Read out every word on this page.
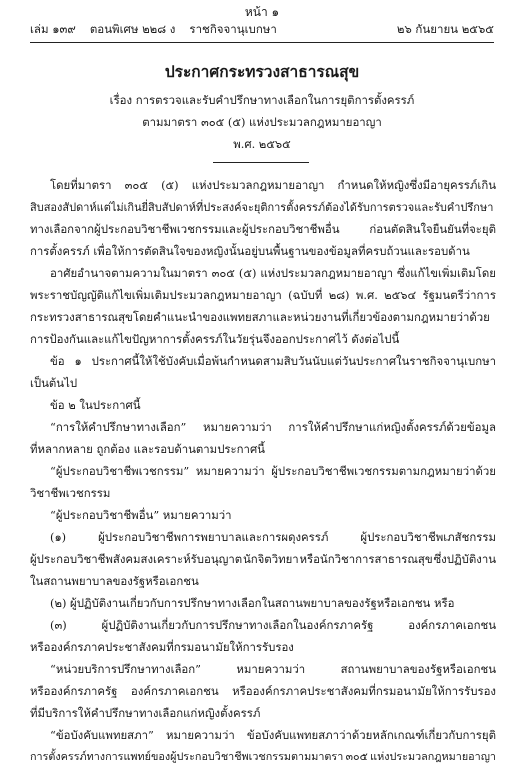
หน้า ๑
เล่ม ๑๓๙ ตอนพิเศษ ๒๒๘ ง ราชกิจจานุเบกษา	๒๖ กันยายน ๒๕๖๕
ประกาศกระทรวงสาธารณสุข
เรื่อง การตรวจและรับคำปรึกษาทางเลือกในการยุติการตั้งครรภ์
ตามมาตรา ๓๐๕ (๕) แห่งประมวลกฎหมายอาญา
พ.ศ. ๒๕๖๕
โดยที่มาตรา ๓๐๕ (๕) แห่งประมวลกฎหมายอาญา กำหนดให้หญิงซึ่งมีอายุครรภ์เกิน
สิบสองสัปดาห์แต่ไม่เกินยี่สิบสัปดาห์ที่ประสงค์จะยุติการตั้งครรภ์ต้องได้รับการตรวจและรับคำปรึกษา
ทางเลือกจากผู้ประกอบวิชาชีพเวชกรรมและผู้ประกอบวิชาชีพอื่น	ก่อนตัดสินใจยืนยันที่จะยุติ
การตั้งครรภ์ เพื่อให้การตัดสินใจของหญิงนั้นอยู่บนพื้นฐานของข้อมูลที่ครบถ้วนและรอบด้าน
อาศัยอำนาจตามความในมาตรา ๓๐๕ (๕) แห่งประมวลกฎหมายอาญา ซึ่งแก้ไขเพิ่มเติมโดย
พระราชบัญญัติแก้ไขเพิ่มเติมประมวลกฎหมายอาญา (ฉบับที่ ๒๘) พ.ศ. ๒๕๖๔ รัฐมนตรีว่าการ
กระทรวงสาธารณสุขโดยคำแนะนำของแพทยสภาและหน่วยงานที่เกี่ยวข้องตามกฎหมายว่าด้วย
การป้องกันและแก้ไขปัญหาการตั้งครรภ์ในวัยรุ่นจึงออกประกาศไว้ ดังต่อไปนี้
ข้อ ๑ ประกาศนี้ให้ใช้บังคับเมื่อพ้นกำหนดสามสิบวันนับแต่วันประกาศในราชกิจจานุเบกษา
เป็นต้นไป
ข้อ ๒ ในประกาศนี้
“การให้คำปรึกษาทางเลือก” หมายความว่า การให้คำปรึกษาแก่หญิงตั้งครรภ์ด้วยข้อมูล
ที่หลากหลาย ถูกต้อง และรอบด้านตามประกาศนี้
“ผู้ประกอบวิชาชีพเวชกรรม” หมายความว่า ผู้ประกอบวิชาชีพเวชกรรมตามกฎหมายว่าด้วย
วิชาชีพเวชกรรม
“ผู้ประกอบวิชาชีพอื่น” หมายความว่า
(๑)	ผู้ประกอบวิชาชีพการพยาบาลและการผดุงครรภ์	ผู้ประกอบวิชาชีพเภสัชกรรม
ผู้ประกอบวิชาชีพสังคมสงเคราะห์รับอนุญาต นักจิตวิทยา หรือนักวิชาการสาธารณสุข ซึ่งปฏิบัติงาน
ในสถานพยาบาลของรัฐหรือเอกชน
(๒) ผู้ปฏิบัติงานเกี่ยวกับการปรึกษาทางเลือกในสถานพยาบาลของรัฐหรือเอกชน หรือ
(๓)	ผู้ปฏิบัติงานเกี่ยวกับการปรึกษาทางเลือกในองค์กรภาครัฐ	องค์กรภาคเอกชน
หรือองค์กรภาคประชาสังคมที่กรมอนามัยให้การรับรอง
“หน่วยบริการปรึกษาทางเลือก”	หมายความว่า	สถานพยาบาลของรัฐหรือเอกชน
หรือองค์กรภาครัฐ องค์กรภาคเอกชน หรือองค์กรภาคประชาสังคมที่กรมอนามัยให้การรับรอง
ที่มีบริการให้คำปรึกษาทางเลือกแก่หญิงตั้งครรภ์
“ข้อบังคับแพทยสภา” หมายความว่า ข้อบังคับแพทยสภาว่าด้วยหลักเกณฑ์เกี่ยวกับการยุติ
การตั้งครรภ์ทางการแพทย์ของผู้ประกอบวิชาชีพเวชกรรมตามมาตรา ๓๐๕ แห่งประมวลกฎหมายอาญา
